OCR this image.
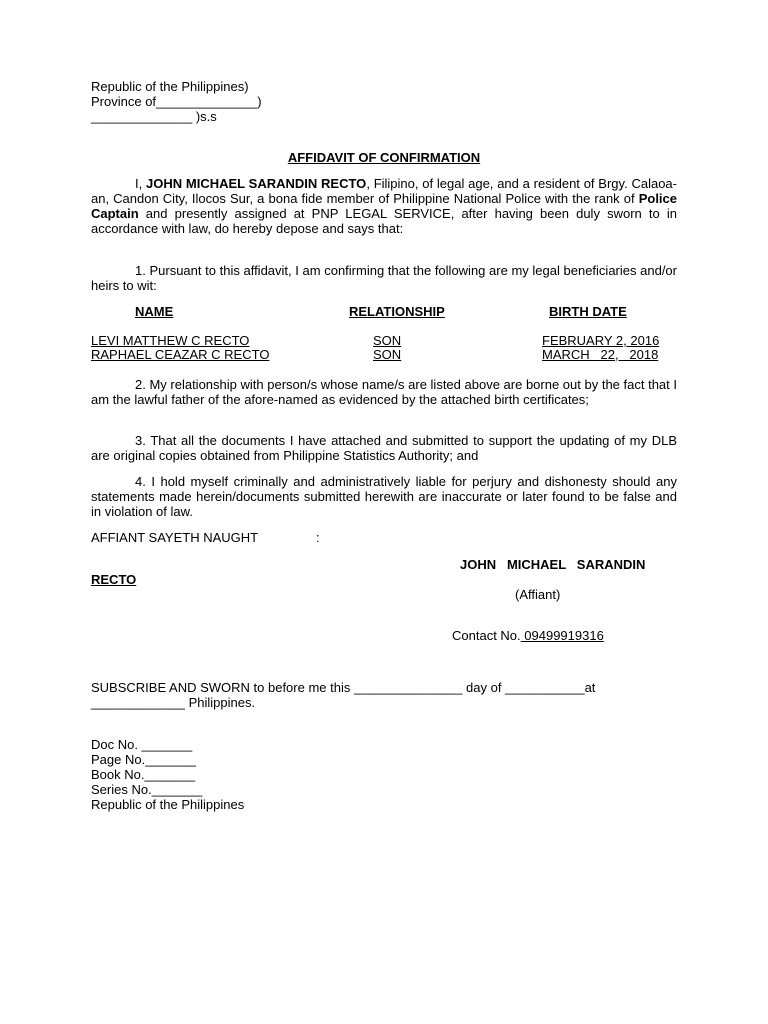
Republic of the Philippines)
Province of______________)
______________ )s.s
AFFIDAVIT OF CONFIRMATION
I, JOHN MICHAEL SARANDIN RECTO, Filipino, of legal age, and a resident of Brgy. Calaoa-an, Candon City, Ilocos Sur, a bona fide member of Philippine National Police with the rank of Police Captain and presently assigned at PNP LEGAL SERVICE, after having been duly sworn to in accordance with law, do hereby depose and says that:
1. Pursuant to this affidavit, I am confirming that the following are my legal beneficiaries and/or heirs to wit:
NAME	RELATIONSHIP	BIRTH DATE
LEVI MATTHEW C RECTO	SON	FEBRUARY 2, 2016
RAPHAEL CEAZAR C RECTO	SON	MARCH   22,   2018
2. My relationship with person/s whose name/s are listed above are borne out by the fact that I am the lawful father of the afore-named as evidenced by the attached birth certificates;
3. That all the documents I have attached and submitted to support the updating of my DLB are original copies obtained from Philippine Statistics Authority; and
4. I hold myself criminally and administratively liable for perjury and dishonesty should any statements made herein/documents submitted herewith are inaccurate or later found to be false and in violation of law.
AFFIANT SAYETH NAUGHT	:
JOHN   MICHAEL   SARANDIN
RECTO
(Affiant)
Contact No. 09499919316
SUBSCRIBE AND SWORN to before me this _______________ day of ___________at
_____________ Philippines.
Doc No. _______
Page No._______
Book No._______
Series No._______
Republic of the Philippines
